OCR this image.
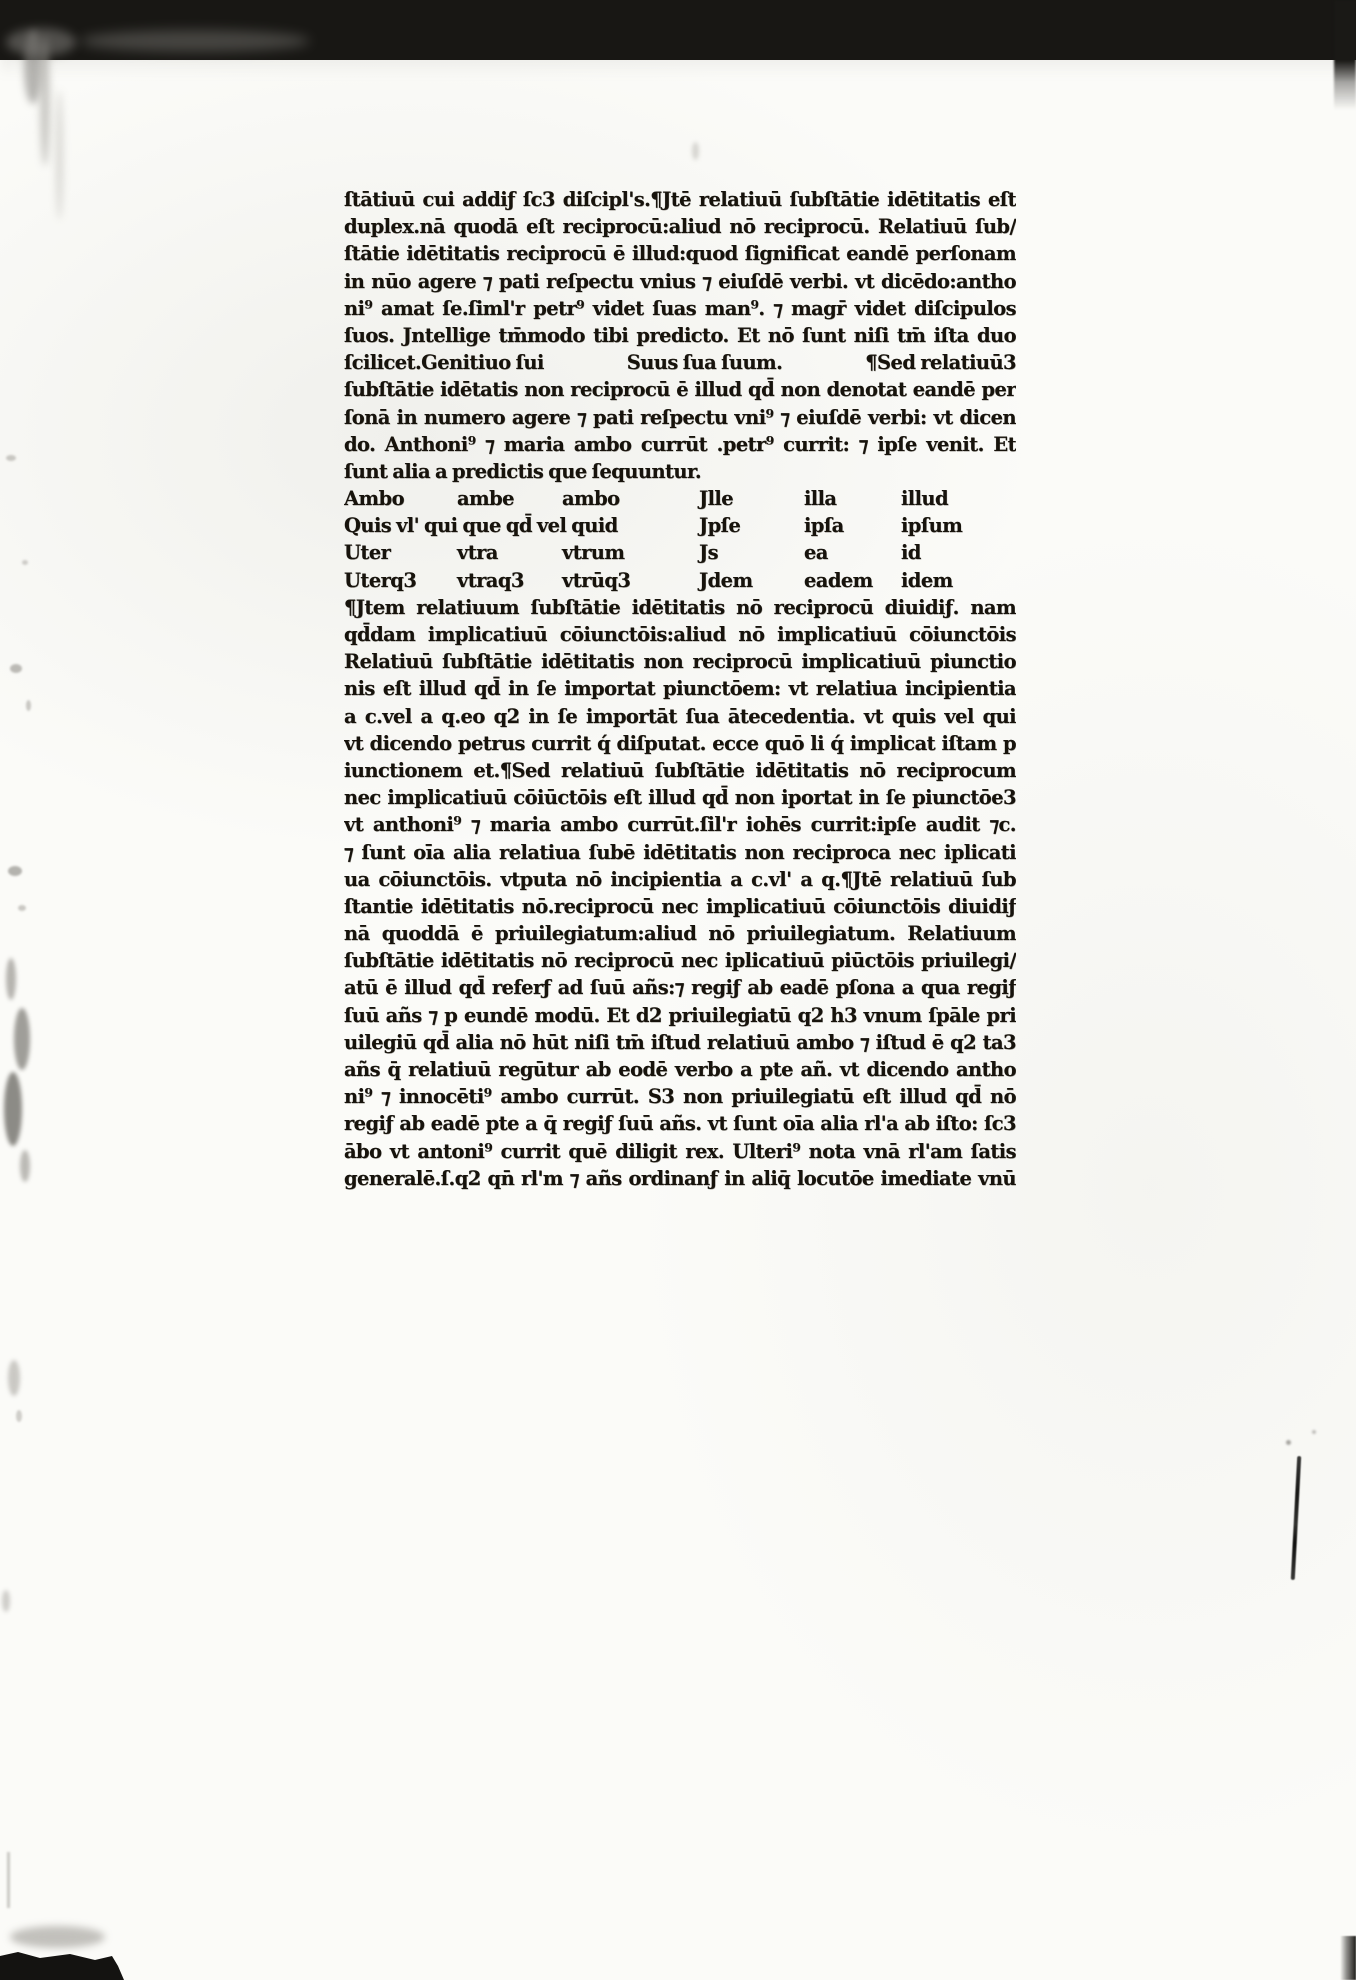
ſtātiuū cui addiƒ ſc3 diſcipl's.¶Jtē relatiuū ſubſtātie idētitatis eſt
duplex.nā quodā eſt reciprocū:aliud nō reciprocū. Relatiuū ſub∕
ſtātie idētitatis reciprocū ē illud:quod ſignificat eandē perſonam
in nūo agere ⁊ pati reſpectu vnius ⁊ eiuſdē verbi. vt dicēdo:antho
ni⁹ amat ſe.ſiml'r petr⁹ videt ſuas man⁹. ⁊ magr̄ videt diſcipulos
ſuos. Jntellige tm̄modo tibi predicto. Et nō ſunt niſi tm̄ iſta duo
ſcilicet.Genitiuo ſui	Suus ſua ſuum.	¶Sed relatiuū3
ſubſtātie idētatis non reciprocū ē illud qd̄ non denotat eandē per
ſonā in numero agere ⁊ pati reſpectu vni⁹ ⁊ eiuſdē verbi: vt dicen
do. Anthoni⁹ ⁊ maria ambo currūt .petr⁹ currit: ⁊ ipſe venit. Et
ſunt alia a predictis que ſequuntur.
Ambo	ambe	ambo	Jlle	illa	illud
Quis vl' qui que qd̄ vel quid	Jpſe	ipſa	ipſum
Uter	vtra	vtrum	Js	ea	id
Uterq3	vtraq3	vtrūq3	Jdem	eadem	idem
¶Jtem relatiuum ſubſtātie idētitatis nō reciprocū diuidiƒ. nam
qd̄dam implicatiuū cōiunctōis:aliud nō implicatiuū cōiunctōis
Relatiuū ſubſtātie idētitatis non reciprocū implicatiuū piunctio
nis eſt illud qd̄ in ſe importat piunctōem: vt relatiua incipientia
a c.vel a q.eo q2 in ſe importāt ſua ātecedentia. vt quis vel qui
vt dicendo petrus currit q́ diſputat. ecce quō li q́ implicat iſtam p
iunctionem et.¶Sed relatiuū ſubſtātie idētitatis nō reciprocum
nec implicatiuū cōiūctōis eſt illud qd̄ non iportat in ſe piunctōe3
vt anthoni⁹ ⁊ maria ambo currūt.ſil'r iohēs currit:ipſe audit ⁊c.
⁊ ſunt oīa alia relatiua ſubē idētitatis non reciproca nec iplicati
ua cōiunctōis. vtputa nō incipientia a c.vl' a q.¶Jtē relatiuū ſub
ſtantie idētitatis nō.reciprocū nec implicatiuū cōiunctōis diuidiƒ
nā quoddā ē priuilegiatum:aliud nō priuilegiatum. Relatiuum
ſubſtātie idētitatis nō reciprocū nec iplicatiuū piūctōis priuilegi∕
atū ē illud qd̄ referƒ ad ſuū añs:⁊ regiƒ ab eadē pſona a qua regiƒ
ſuū añs ⁊ p eundē modū. Et d2 priuilegiatū q2 h3 vnum ſpāle pri
uilegiū qd̄ alia nō hūt niſi tm̄ iſtud relatiuū ambo ⁊ iſtud ē q2 ta3
añs q̄ relatiuū regūtur ab eodē verbo a pte añ. vt dicendo antho
ni⁹ ⁊ innocēti⁹ ambo currūt. S3 non priuilegiatū eſt illud qd̄ nō
regiƒ ab eadē pte a q̄ regiƒ ſuū añs. vt ſunt oīa alia rl'a ab iſto: ſc3
ābo vt antoni⁹ currit quē diligit rex. Ulteri⁹ nota vnā rl'am ſatis
generalē.ſ.q2 qn̄ rl'm ⁊ añs ordinanƒ in aliq̄ locutōe imediate vnū
